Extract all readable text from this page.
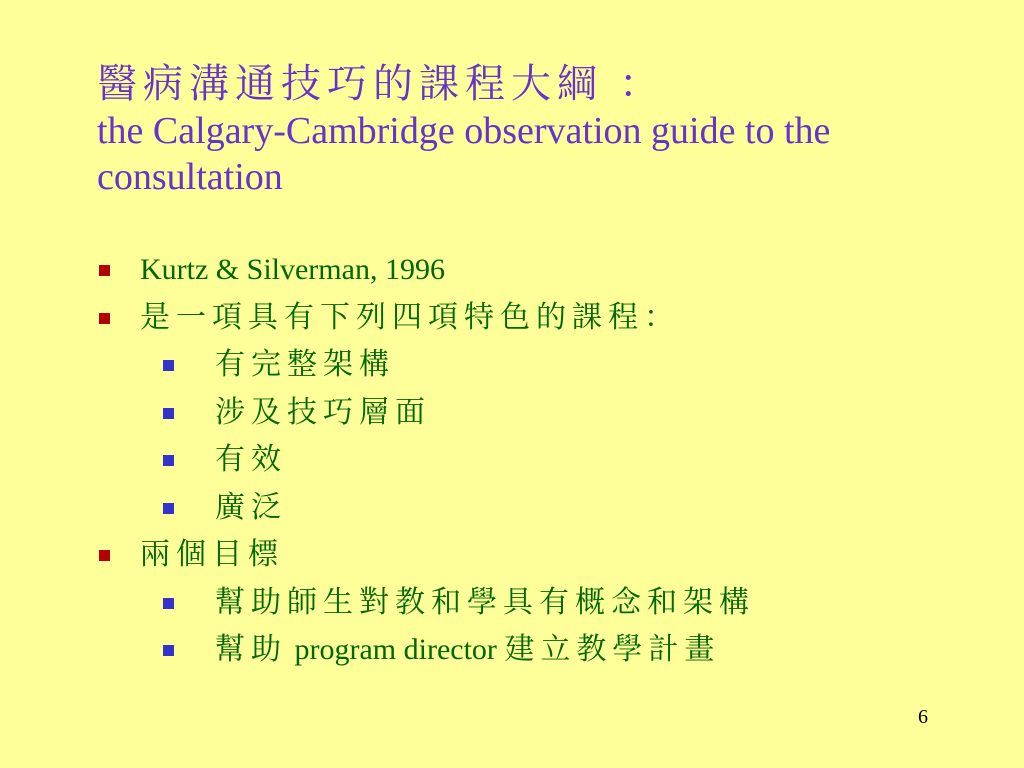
醫病溝通技巧的課程大綱 ：
the Calgary-Cambridge observation guide to the consultation
Kurtz & Silverman, 1996
是一項具有下列四項特色的課程：
有完整架構
涉及技巧層面
有效
廣泛
兩個目標
幫助師生對教和學具有概念和架構
幫助 program director 建立教學計畫
6
